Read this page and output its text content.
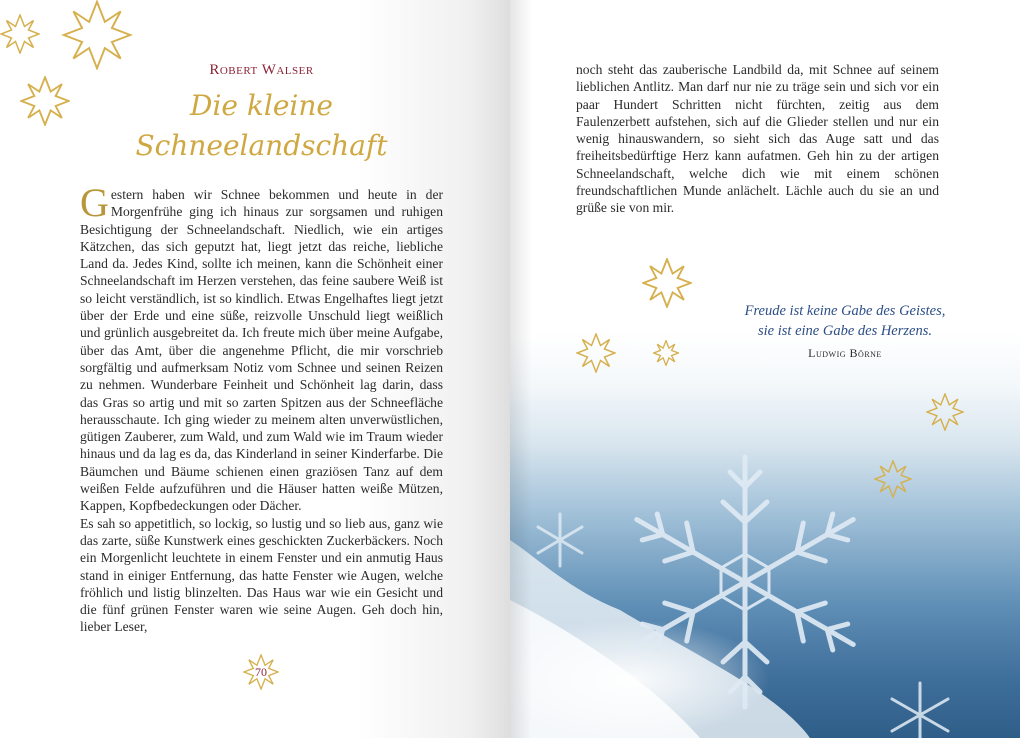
Robert Walser
Die kleine
Schneelandschaft

Gestern haben wir Schnee bekommen und heute in der Morgenfrühe ging ich hinaus zur sorgsamen und ruhigen Besichtigung der Schneelandschaft. Niedlich, wie ein artiges Kätzchen, das sich geputzt hat, liegt jetzt das reiche, liebliche Land da. Jedes Kind, sollte ich meinen, kann die Schönheit einer Schneelandschaft im Herzen verstehen, das feine saubere Weiß ist so leicht verständlich, ist so kindlich. Etwas Engelhaftes liegt jetzt über der Erde und eine süße, reizvolle Unschuld liegt weißlich und grünlich ausgebreitet da. Ich freute mich über meine Aufgabe, über das Amt, über die angenehme Pflicht, die mir vorschrieb sorgfältig und aufmerksam Notiz vom Schnee und seinen Reizen zu nehmen. Wunderbare Feinheit und Schönheit lag darin, dass das Gras so artig und mit so zarten Spitzen aus der Schneefläche herausschaute. Ich ging wieder zu meinem alten unverwüstlichen, gütigen Zauberer, zum Wald, und zum Wald wie im Traum wieder hinaus und da lag es da, das Kinderland in seiner Kinderfarbe. Die Bäumchen und Bäume schienen einen graziösen Tanz auf dem weißen Felde aufzuführen und die Häuser hatten weiße Mützen, Kappen, Kopfbedeckungen oder Dächer.

Es sah so appetitlich, so lockig, so lustig und so lieb aus, ganz wie das zarte, süße Kunstwerk eines geschickten Zuckerbäckers. Noch ein Morgenlicht leuchtete in einem Fenster und ein anmutig Haus stand in einiger Entfernung, das hatte Fenster wie Augen, welche fröhlich und listig blinzelten. Das Haus war wie ein Gesicht und die fünf grünen Fenster waren wie seine Augen. Geh doch hin, lieber Leser,

70
noch steht das zauberische Landbild da, mit Schnee auf seinem lieblichen Antlitz. Man darf nur nie zu träge sein und sich vor ein paar Hundert Schritten nicht fürchten, zeitig aus dem Faulenzerbett aufstehen, sich auf die Glieder stellen und nur ein wenig hinauswandern, so sieht sich das Auge satt und das freiheitsbedürftige Herz kann aufatmen. Geh hin zu der artigen Schneelandschaft, welche dich wie mit einem schönen freundschaftlichen Munde anlächelt. Lächle auch du sie an und grüße sie von mir.
Freude ist keine Gabe des Geistes,
sie ist eine Gabe des Herzens.
Ludwig Börne
